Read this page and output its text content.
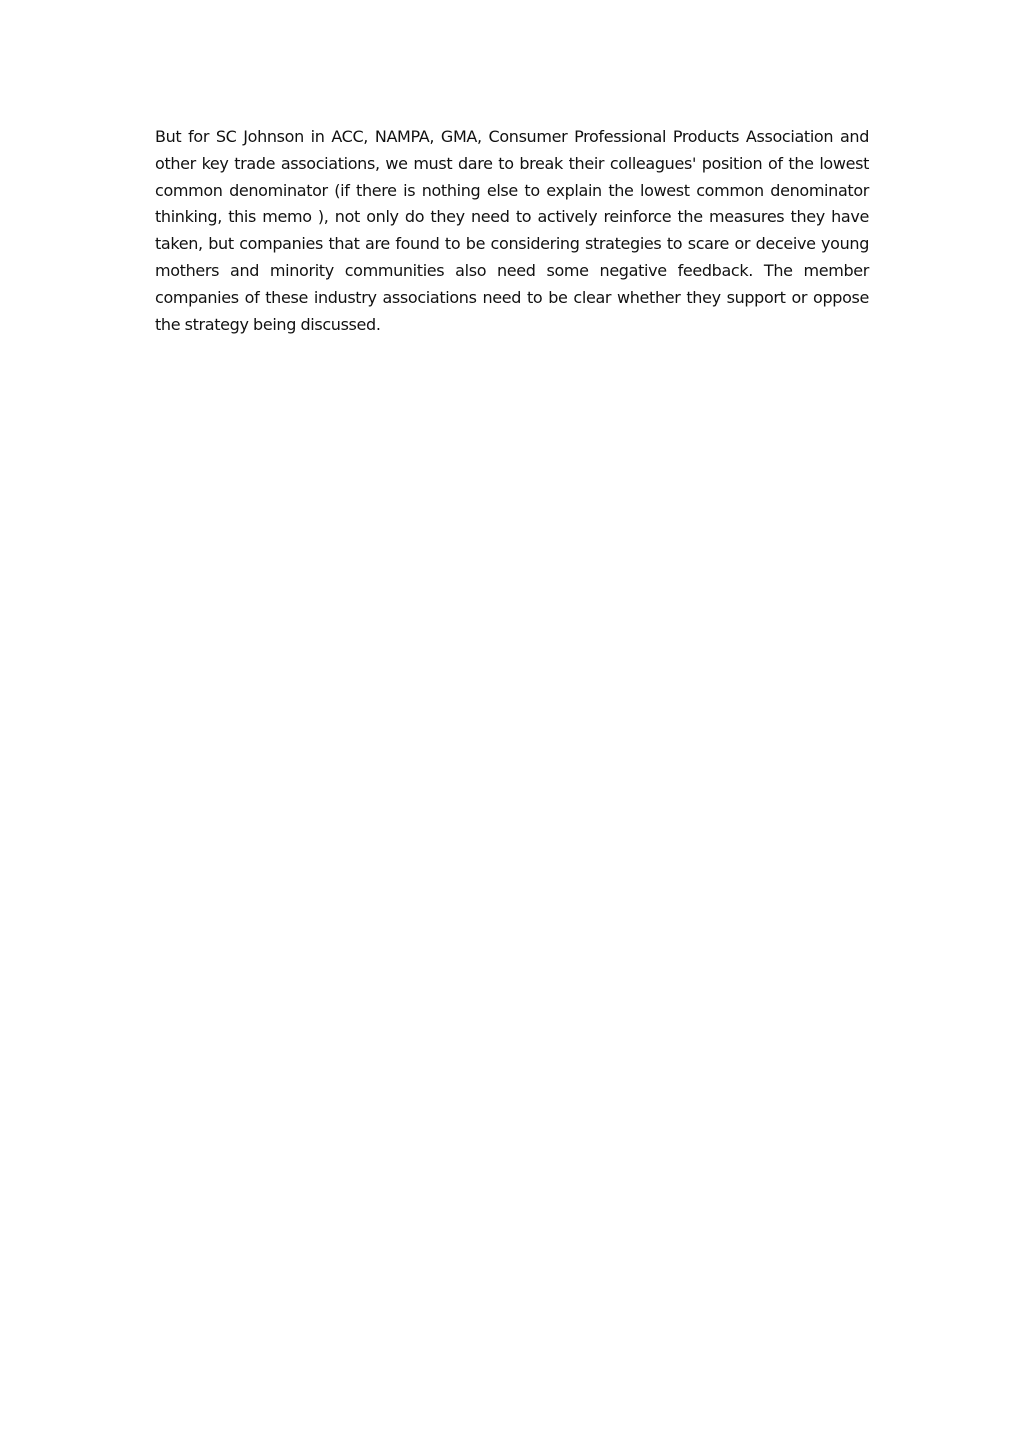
But for SC Johnson in ACC, NAMPA, GMA, Consumer Professional Products Association and other key trade associations, we must dare to break their colleagues' position of the lowest common denominator (if there is nothing else to explain the lowest common denominator thinking, this memo ), not only do they need to actively reinforce the measures they have taken, but companies that are found to be considering strategies to scare or deceive young mothers and minority communities also need some negative feedback. The member companies of these industry associations need to be clear whether they support or oppose the strategy being discussed.
